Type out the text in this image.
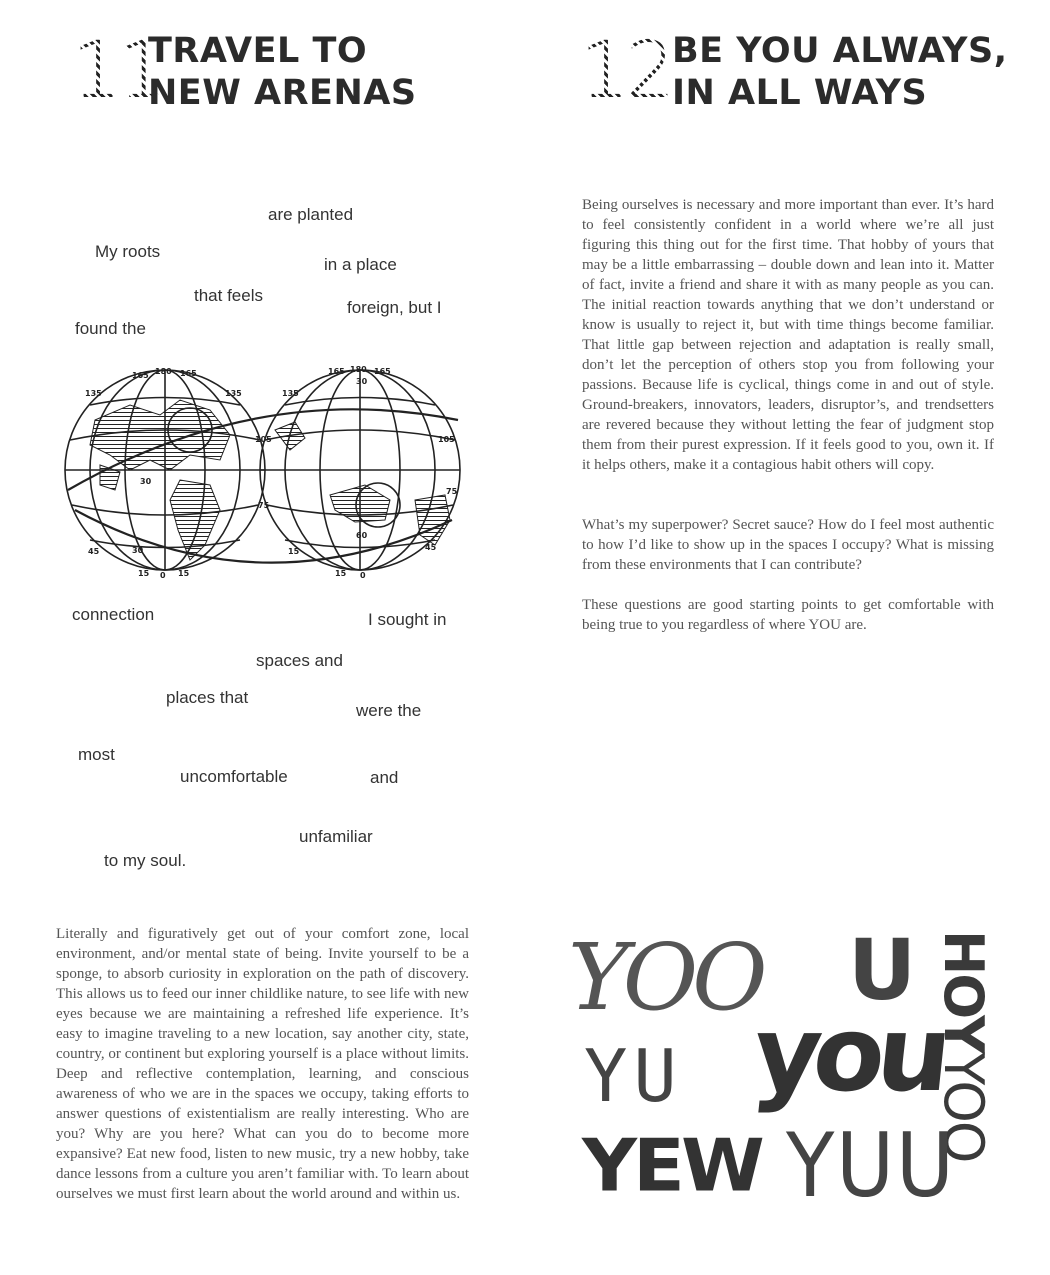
11
TRAVEL TO
NEW ARENAS 12 BE YOU ALWAYS,
IN ALL WAYS
are planted
My roots
in a place
that feels
foreign, but I
found the
165 180 165
135	135
105
30
45	30
15 0 15
165 180 165
135
30
105
75
75
15
15 0
45
60
connection	I sought in
spaces and
places that
were the
most
uncomfortable	and
unfamiliar
to my soul.

Literally and figuratively get out of your comfort zone, local environment, and/or mental state of being. Invite yourself to be a sponge, to absorb curiosity in exploration on the path of discovery. This allows us to feed our inner childlike nature, to see life with new eyes because we are maintaining a refreshed life experience. It’s easy to imagine traveling to a new location, say another city, state, country, or continent but exploring yourself is a place without limits. Deep and reflective contemplation, learning, and conscious awareness of who we are in the spaces we occupy, taking efforts to answer questions of existentialism are really interesting. Who are you? Why are you here? What can you do to become more expansive? Eat new food, listen to new music, try a new hobby, take dance lessons from a culture you aren’t familiar with. To learn about ourselves we must first learn about the world around and within us.

Being ourselves is necessary and more important than ever. It’s hard to feel consistently confident in a world where we’re all just figuring this thing out for the first time. That hobby of yours that may be a little embarrassing – double down and lean into it. Matter of fact, invite a friend and share it with as many people as you can. The initial reaction towards anything that we don’t understand or know is usually to reject it, but with time things become familiar. That little gap between rejection and adaptation is really small, don’t let the perception of others stop you from following your passions. Because life is cyclical, things come in and out of style. Ground-breakers, innovators, leaders, disruptor’s, and trendsetters are revered because they without letting the fear of judgment stop them from their purest expression. If it feels good to you, own it. If it helps others, make it a contagious habit others will copy.

What’s my superpower? Secret sauce? How do I feel most authentic to how I’d like to show up in the spaces I occupy? What is missing from these environments that I can contribute?

These questions are good starting points to get comfortable with being true to you regardless of where YOU are.

YOO U HOYYOO
YU you
YEW YUU
